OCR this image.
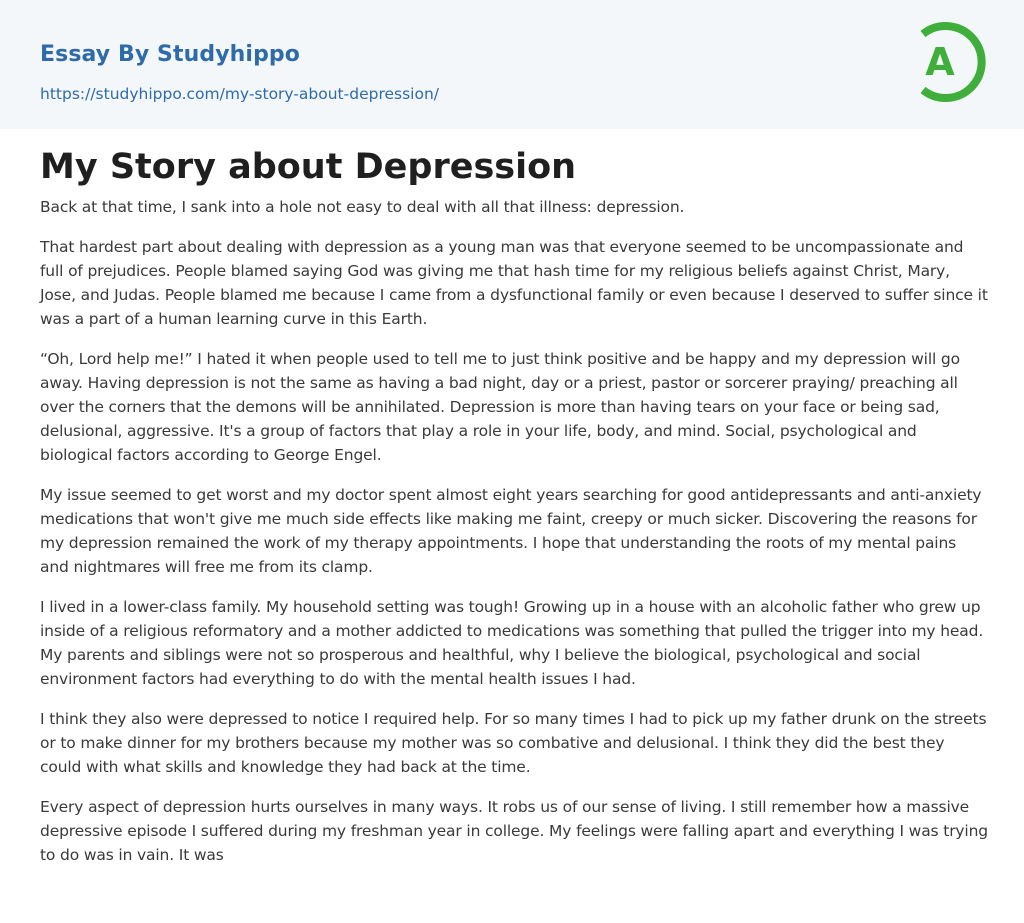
Essay By Studyhippo
https://studyhippo.com/my-story-about-depression/
A
My Story about Depression

Back at that time, I sank into a hole not easy to deal with all that illness: depression.

That hardest part about dealing with depression as a young man was that everyone seemed to be uncompassionate and full of prejudices. People blamed saying God was giving me that hash time for my religious beliefs against Christ, Mary, Jose, and Judas. People blamed me because I came from a dysfunctional family or even because I deserved to suffer since it was a part of a human learning curve in this Earth.

“Oh, Lord help me!” I hated it when people used to tell me to just think positive and be happy and my depression will go away. Having depression is not the same as having a bad night, day or a priest, pastor or sorcerer praying/ preaching all over the corners that the demons will be annihilated. Depression is more than having tears on your face or being sad, delusional, aggressive. It's a group of factors that play a role in your life, body, and mind. Social, psychological and biological factors according to George Engel.

My issue seemed to get worst and my doctor spent almost eight years searching for good antidepressants and anti-anxiety medications that won't give me much side effects like making me faint, creepy or much sicker. Discovering the reasons for my depression remained the work of my therapy appointments. I hope that understanding the roots of my mental pains and nightmares will free me from its clamp.

I lived in a lower-class family. My household setting was tough! Growing up in a house with an alcoholic father who grew up inside of a religious reformatory and a mother addicted to medications was something that pulled the trigger into my head. My parents and siblings were not so prosperous and healthful, why I believe the biological, psychological and social environment factors had everything to do with the mental health issues I had.

I think they also were depressed to notice I required help. For so many times I had to pick up my father drunk on the streets or to make dinner for my brothers because my mother was so combative and delusional. I think they did the best they could with what skills and knowledge they had back at the time.

Every aspect of depression hurts ourselves in many ways. It robs us of our sense of living. I still remember how a massive depressive episode I suffered during my freshman year in college. My feelings were falling apart and everything I was trying to do was in vain. It was
